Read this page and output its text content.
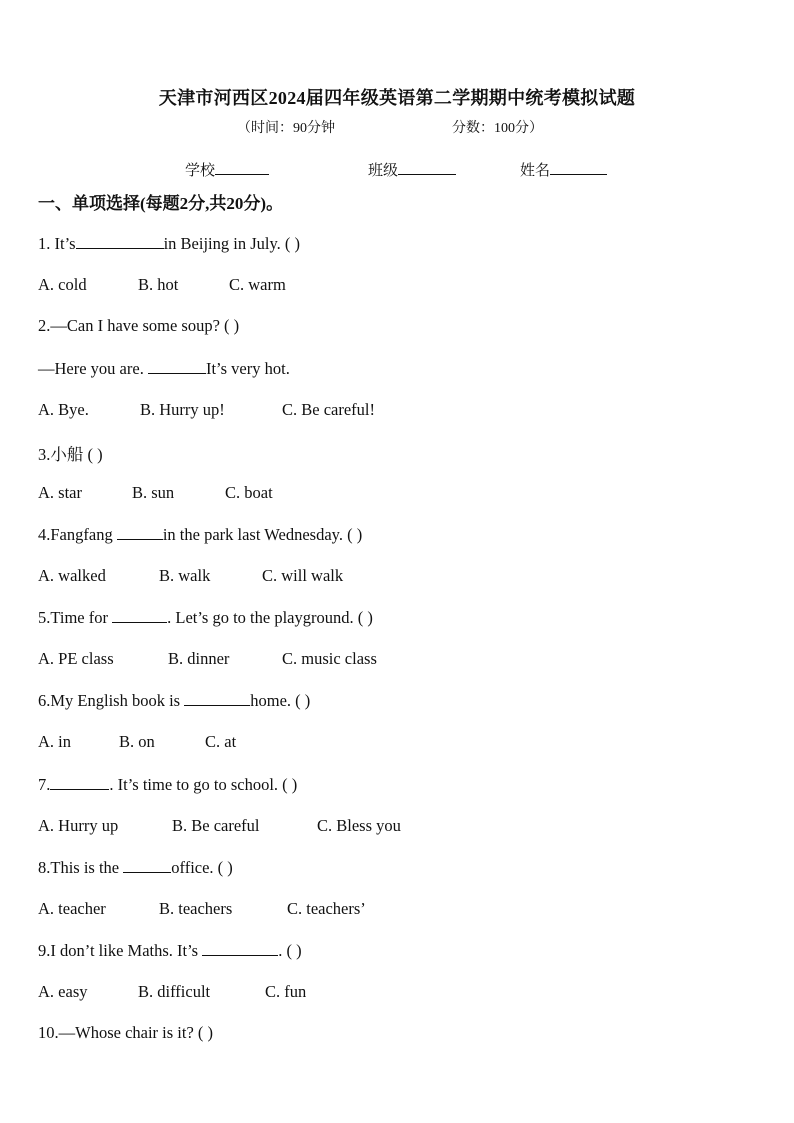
天津市河西区2024届四年级英语第二学期期中统考模拟试题
（时间：90分钟	分数：100分）
学校	班级	姓名
一、单项选择(每题2分,共20分)。
1. It’s	in Beijing in July. ( )
A. cold	B. hot	C. warm
2.—Can I have some soup? ( )
—Here you are.	It’s very hot.
A. Bye.	B. Hurry up!	C. Be careful!
3.小船 ( )
A. star	B. sun	C. boat
4.Fangfang	in the park last Wednesday. ( )
A. walked	B. walk	C. will walk
5.Time for	. Let’s go to the playground. ( )
A. PE class	B. dinner	C. music class
6.My English book is	home. ( )
A. in	B. on	C. at
7.	. It’s time to go to school. ( )
A. Hurry up	B. Be careful	C. Bless you
8.This is the	office. ( )
A. teacher	B. teachers	C. teachers’
9.I don’t like Maths. It’s	. ( )
A. easy	B. difficult	C. fun
10.—Whose chair is it? ( )
